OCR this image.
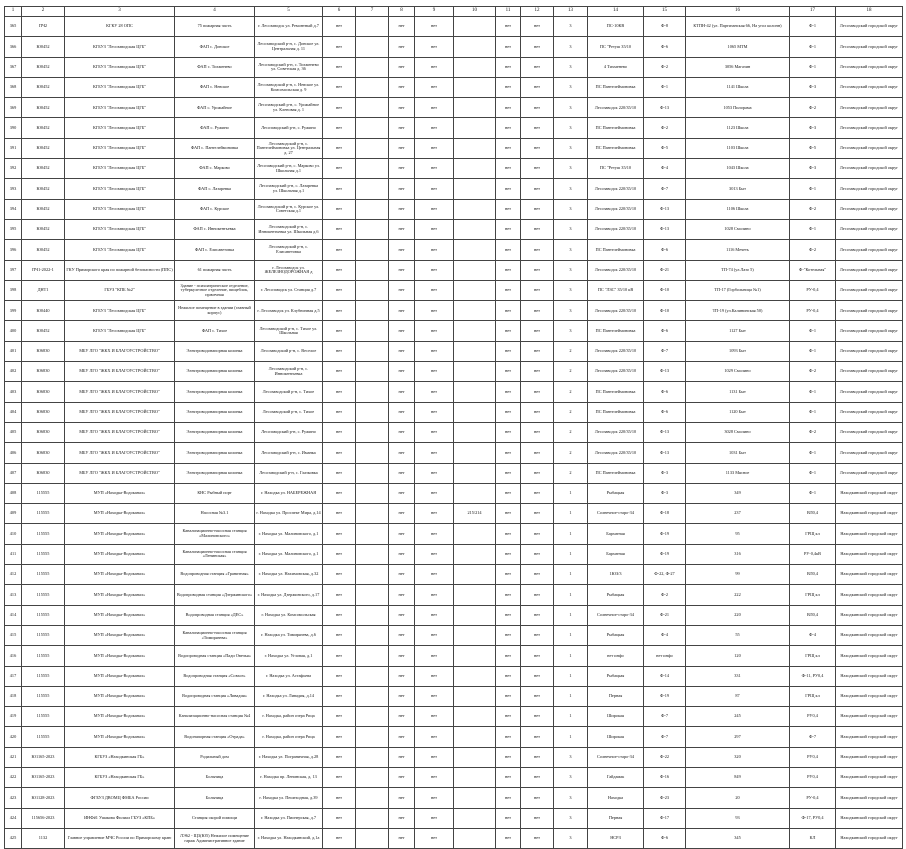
1	2	3	4	5	6	7	8	9	10	11	12	13	14	15	16	17	18
365	ПЧ2	КГКУ 28 ОПС	75 пожарная часть	г. Лесозаводск ул. Ремонтный д.7	нет		нет	нет		нет	нет	3	ПС-10КВ	Ф-8	КТПН-42 (ул. Партизанская 66, На угол колонн)	Ф-1	Лесозаводский городской округ
366	Ю0452	КГБУЗ "Лесозаводская ЦГБ"	ФАП с. Донское	Лесозаводский р-н, с. Донское ул. Центральная д. 11	нет		нет	нет		нет	нет	3	ПС "Ретуш 35/10	Ф-6	1065 МТМ	Ф-1	Лесозаводский городской округ
367	Ю0452	КГБУЗ "Лесозаводская ЦГБ"	ФАП с. Тихменево	Лесозаводский р-н, с. Тихменево ул. Советская д. 36	нет		нет	нет		нет	нет	3	4 Тихменево	Ф-2	3056 Магазин	Ф-1	Лесозаводский городской округ
368	Ю0452	КГБУЗ "Лесозаводская ЦГБ"	ФАП с. Невское	Лесозаводский р-н, с. Невское ул. Комсомольская д. 9	нет		нет	нет		нет	нет	3	ПС Пантелеймоновка	Ф-1	1141 Школа	Ф-3	Лесозаводский городской округ
369	Ю0452	КГБУЗ "Лесозаводская ЦГБ"	ФАП с. Урожайное	Лесозаводский р-н, с. Урожайное ул. Кленовая д. 1	нет		нет	нет		нет	нет	3	Лесозаводск 220/35/10	Ф-13	1053 Пилорама	Ф-2	Лесозаводский городской округ
390	Ю0452	КГБУЗ "Лесозаводская ЦГБ"	ФАП с. Ружино	Лесозаводский р-н, с. Ружино	нет		нет	нет		нет	нет	3	ПС Пантелеймоновка	Ф-2	1123 Школа	Ф-3	Лесозаводский городской округ
391	Ю0452	КГБУЗ "Лесозаводская ЦГБ"	ФАП с. Пантелеймоновка	Лесозаводский р-н, с. Пантелеймоновка ул. Центральная д. 27	нет		нет	нет		нет	нет	3	ПС Пантелеймоновка	Ф-5	1103 Школа	Ф-5	Лесозаводский городской округ
392	Ю0452	КГБУЗ "Лесозаводская ЦГБ"	ФАП с. Марково	Лесозаводский р-н, с. Марково ул. Школьная д.1	нет		нет	нет		нет	нет	3	ПС "Ретуш 35/10	Ф-4	1043 Школа	Ф-3	Лесозаводский городской округ
393	Ю0452	КГБУЗ "Лесозаводская ЦГБ"	ФАП с. Лазаревка	Лесозаводский р-н, с. Лазаревка ул. Школьная д.1	нет		нет	нет		нет	нет	3	Лесозаводск 220/35/10	Ф-7	3013 Быт	Ф-1	Лесозаводский городской округ
394	Ю0452	КГБУЗ "Лесозаводская ЦГБ"	ФАП с. Курское	Лесозаводский р-н, с. Курское ул. Советская д.1	нет		нет	нет		нет	нет	3	Лесозаводск 220/35/10	Ф-13	1106 Школа	Ф-2	Лесозаводский городской округ
395	Ю0452	КГБУЗ "Лесозаводская ЦГБ"	ФАП с. Иннокентьевка	Лесозаводский р-н, с. Иннокентьевка ул. Школьная д.6	нет		нет	нет		нет	нет	3	Лесозаводск 220/35/10	Ф-13	1028 Смолино	Ф-1	Лесозаводский городской округ
396	Ю0452	КГБУЗ "Лесозаводская ЦГБ"	ФАП с. Елисаветовка	Лесозаводский р-н, с. Елисаветовка	нет		нет	нет		нет	нет	3	ПС Пантелеймоновка	Ф-6	1116 Мечеть	Ф-2	Лесозаводский городской округ
397	ПЧ1-2022-1	ГКУ Приморского края по пожарной безопасности (ППС)	61 пожарная часть	г. Лесозаводск ул. ЖЕЛЕЗНОДОРОЖНАЯ д	нет		нет	нет		нет	нет	3	Лесозаводск 220/35/10	Ф-21	ТП-74 (ул.Лазо 5)	Ф-"Котельная"	Лесозаводский городской округ
398	ДНТ1	ГБУЗ "КПБ №2"	Здание - психиатрическое отделение, туберкулезное отделение, пищеблок, прачечная	г. Лесозаводск ул. Станция д.7	нет		нет	нет		нет	нет	3	ПС "ЛЗС" 35/10 кВ	Ф-10	ТП-17 (Горбольница №1)	РУ-0,4	Лесозаводский городской округ
399	Ю0440	КГБУЗ "Лесозаводская ЦГБ"	Нежилое помещение в здании (главный корпус)	г. Лесозаводск ул. Клубничная д.5	нет		нет	нет		нет	нет	3	Лесозаводск 220/35/10	Ф-10	ТП-19 (ул.Калининская 50)	РУ-0,4	Лесозаводский городской округ
400	Ю0452	КГБУЗ "Лесозаводская ЦГБ"	ФАП с. Тихое	Лесозаводский р-н, с. Тихое ул. Школьная	нет		нет	нет		нет	нет	3	ПС Пантелеймоновка	Ф-6	1127 Быт	Ф-1	Лесозаводский городской округ
401	Ю6830	МБУ ЛГО "ЖКХ И БЛАГОУСТРОЙСТВО"	Электроводонапорная колонка	Лесозаводский р-н, с. Веселое	нет		нет	нет		нет	нет	2	Лесозаводск 220/35/10	Ф-7	1093 Быт	Ф-1	Лесозаводский городской округ
402	Ю6830	МБУ ЛГО "ЖКХ И БЛАГОУСТРОЙСТВО"	Электроводонапорная колонка	Лесозаводский р-н, с. Иннокентьевка	нет		нет	нет		нет	нет	2	Лесозаводск 220/35/10	Ф-13	1029 Смолино	Ф-2	Лесозаводский городской округ
403	Ю6830	МБУ ЛГО "ЖКХ И БЛАГОУСТРОЙСТВО"	Электроводонапорная колонка	Лесозаводский р-н, с. Тихое	нет		нет	нет		нет	нет	2	ПС Пантелеймоновка	Ф-6	1131 Быт	Ф-1	Лесозаводский городской округ
404	Ю6830	МБУ ЛГО "ЖКХ И БЛАГОУСТРОЙСТВО"	Электроводонапорная колонка	Лесозаводский р-н, с. Тихое	нет		нет	нет		нет	нет	2	ПС Пантелеймоновка	Ф-6	1120 Быт	Ф-1	Лесозаводский городской округ
405	Ю6830	МБУ ЛГО "ЖКХ И БЛАГОУСТРОЙСТВО"	Электроводонапорная колонка	Лесозаводский р-н, с. Ружино	нет		нет	нет		нет	нет	2	Лесозаводск 220/35/10	Ф-13	3028 Смолино	Ф-2	Лесозаводский городской округ
406	Ю6830	МБУ ЛГО "ЖКХ И БЛАГОУСТРОЙСТВО"	Электроводонапорная колонка	Лесозаводский р-н, с. Иманка	нет		нет	нет		нет	нет	2	Лесозаводск 220/35/10	Ф-13	1031 Быт	Ф-1	Лесозаводский городской округ
407	Ю6830	МБУ ЛГО "ЖКХ И БЛАГОУСТРОЙСТВО"	Электроводонапорная колонка	Лесозаводский р-н, с. Глазковка	нет		нет	нет		нет	нет	2	ПС Пантелеймоновка	Ф-3	1133 Мясное	Ф-1	Лесозаводский городской округ
408	115555	МУП «Находка-Водоканал»	КНС Рыбный порт	г. Находка ул. НАБЕРЕЖНАЯ	нет		нет	нет		нет	нет	1	Рыбацкая	Ф-3	349	Ф-1	Находкинский городской округ
409	115555	МУП «Находка-Водоканал»	Насосная №3.1	г. Находка ул. Проспект Мира, д.14	нет		нет	нет	215/214	нет	нет	1	Солнечное-старо-34	Ф-18	237	ВЛ0,4	Находкинский городской округ
410	115555	МУП «Находка-Водоканал»	Канализационно-насосная станция «Малиновского»	г. Находка ул. Малиновского, д.1	нет		нет	нет		нет	нет	1	Бархатная	Ф-19	95	ГРЩ кл	Находкинский городской округ
411	115555	МУП «Находка-Водоканал»	Канализационно-насосная станция «Ленинская»	г. Находка ул. Малиновского, д.1	нет		нет	нет		нет	нет	1	Бархатная	Ф-19	316	РУ-0,4кВ	Находкинский городской округ
412	115555	МУП «Находка-Водоканал»	Водопроводная станция «Гранитная»	г. Находка ул. Нахимовская, д.32	нет		нет	нет		нет	нет	1	1ЮЗ/3	Ф-22, Ф-27	99	ВЛ0,4	Находкинский городской округ
413	115555	МУП «Находка-Водоканал»	Водопроводная станция «Дзержинского»	г. Находка ул. Дзержинского, д.17	нет		нет	нет		нет	нет	1	Рыбацкая	Ф-2	222	ГРЩ кл	Находкинский городской округ
414	115555	МУП «Находка-Водоканал»	Водопроводная станция «ДЕС»	г. Находка ул. Комсомольская	нет		нет	нет		нет	нет	1	Солнечное-старо-34	Ф-21	220	ВЛ0,4	Находкинский городской округ
415	115555	МУП «Находка-Водоканал»	Канализационно-насосная станция «Тимирязева»	г. Находка ул. Тимирязева, д.6	нет		нет	нет		нет	нет	1	Рыбацкая	Ф-4	55	Ф-4	Находкинский городской округ
416	115555	МУП «Находка-Водоканал»	Водопроводная станция «Пади Овечья»	г. Находка ул. Угловая, д.1	нет		нет	нет		нет	нет	1	нет инфо	нет инфо	120	ГРЩ кл	Находкинский городской округ
417	115555	МУП «Находка-Водоканал»	Водопроводная станция «Совхоз»	г. Находка ул. Астафьева	нет		нет	нет		нет	нет	1	Рыбацкая	Ф-14	331	Ф-11, РУ0,4	Находкинский городской округ
418	115555	МУП «Находка-Водоканал»	Водопроводная станция «Ливадия»	г. Находка ул. Ливадия, д.14	нет		нет	нет		нет	нет	1	Перная	Ф-19	87	ГРЩ кл	Находкинский городской округ
419	115555	МУП «Находка-Водоканал»	Канализационно-насосная станция №4	г. Находка, район озера Рица	нет		нет	нет		нет	нет	1	Широкая	Ф-7	245	РУ0,4	Находкинский городской округ
420	115555	МУП «Находка-Водоканал»	Водонапорная станция «Отрада»	г. Находка, район озера Рица	нет		нет	нет		нет	нет	1	Широкая	Ф-7	297	Ф-7	Находкинский городской округ
421	Ю1165-2023	КГБУЗ «Находкинская ГБ»	Родильный дом	г. Находка ул. Пограничная, д.28	нет		нет	нет		нет	нет	3	Солнечное-старо-34	Ф-22	320	РУ0,4	Находкинский городской округ
422	Ю1165-2023	КГБУЗ «Находкинская ГБ»	Больница	г. Находка пр. Ленинская, д. 13	нет		нет	нет		нет	нет	3	Гайдамак	Ф-16	849	РУ0,4	Находкинский городской округ
423	Ю1128-2023	ФГБУЗ ДВОМЦ ФМБА России	Больница	г. Находка ул. Пешеходная, д.39	нет		нет	нет		нет	нет	3	Находка	Ф-23	20	РУ-0,4	Находкинский городской округ
424	115656-2023	ИНФ#1 Ушакова Филиал ГБУЗ «КПБ»	Станция скорой помощи	г. Находка ул. Пионерская, д.7	нет		нет	нет		нет	нет	3	Перная	Ф-17	93	Ф-17, РУ0,4	Находкинский городской округ
425	1132	Главное управление МЧС России по Приморскому краю	ЛЭ62 - Щ3(Ю5) Нежилое помещение гараж Административное здание	г. Находка ул. Находкинский, д.1а	нет		нет	нет		нет	нет	3	НСРЗ	Ф-6	345	КЛ	Находкинский городской округ
